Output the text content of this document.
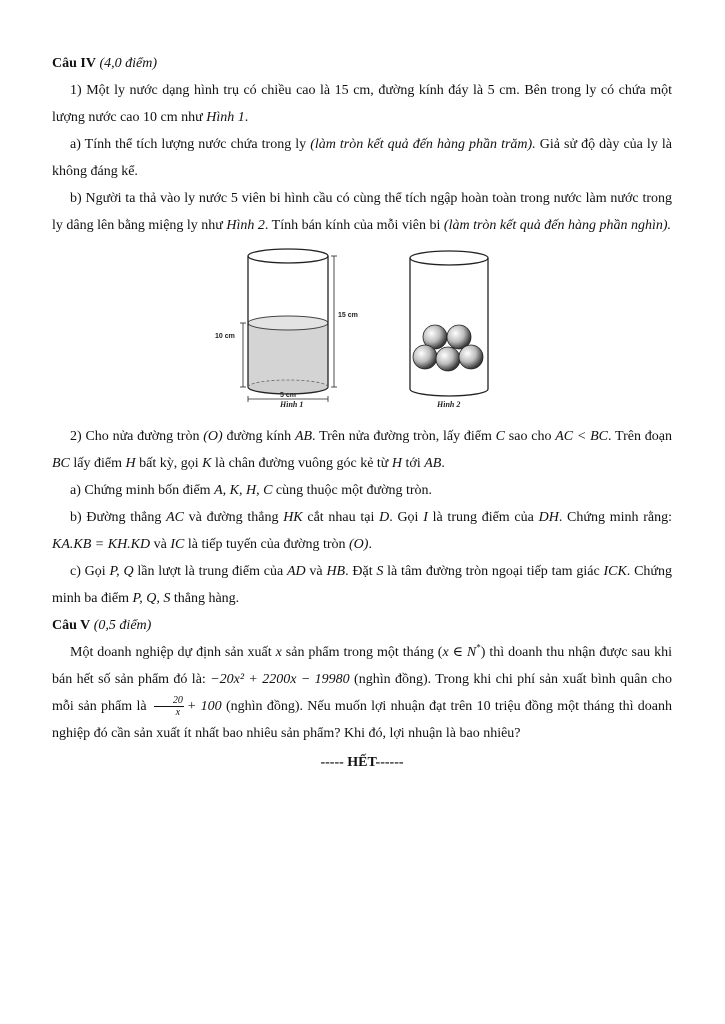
Câu IV (4,0 điểm)

1) Một ly nước dạng hình trụ có chiều cao là 15 cm, đường kính đáy là 5 cm. Bên trong ly có chứa một lượng nước cao 10 cm như Hình 1.

a) Tính thể tích lượng nước chứa trong ly (làm tròn kết quả đến hàng phần trăm). Giả sử độ dày của ly là không đáng kể.

b) Người ta thả vào ly nước 5 viên bi hình cầu có cùng thể tích ngập hoàn toàn trong nước làm nước trong ly dâng lên bằng miệng ly như Hình 2. Tính bán kính của mỗi viên bi (làm tròn kết quả đến hàng phần nghìn).

15 cm
10 cm
5 cm
Hình 1	Hình 2

2) Cho nửa đường tròn (O) đường kính AB. Trên nửa đường tròn, lấy điểm C sao cho AC < BC. Trên đoạn BC lấy điểm H bất kỳ, gọi K là chân đường vuông góc kẻ từ H tới AB.

a) Chứng minh bốn điểm A, K, H, C cùng thuộc một đường tròn.

b) Đường thẳng AC và đường thẳng HK cắt nhau tại D. Gọi I là trung điểm của DH. Chứng minh rằng: KA.KB = KH.KD và IC là tiếp tuyến của đường tròn (O).

c) Gọi P, Q lần lượt là trung điểm của AD và HB. Đặt S là tâm đường tròn ngoại tiếp tam giác ICK. Chứng minh ba điểm P, Q, S thẳng hàng.

Câu V (0,5 điểm)

Một doanh nghiệp dự định sản xuất x sản phẩm trong một tháng (x ∈ N*) thì doanh thu nhận được sau khi bán hết số sản phẩm đó là: −20x² + 2200x − 19980 (nghìn đồng). Trong khi chi phí sản xuất bình quân cho mỗi sản phẩm là $\frac{20}{x} + 100$ (nghìn đồng). Nếu muốn lợi nhuận đạt trên 10 triệu đồng một tháng thì doanh nghiệp đó cần sản xuất ít nhất bao nhiêu sản phẩm? Khi đó, lợi nhuận là bao nhiêu?

----- HẾT------
